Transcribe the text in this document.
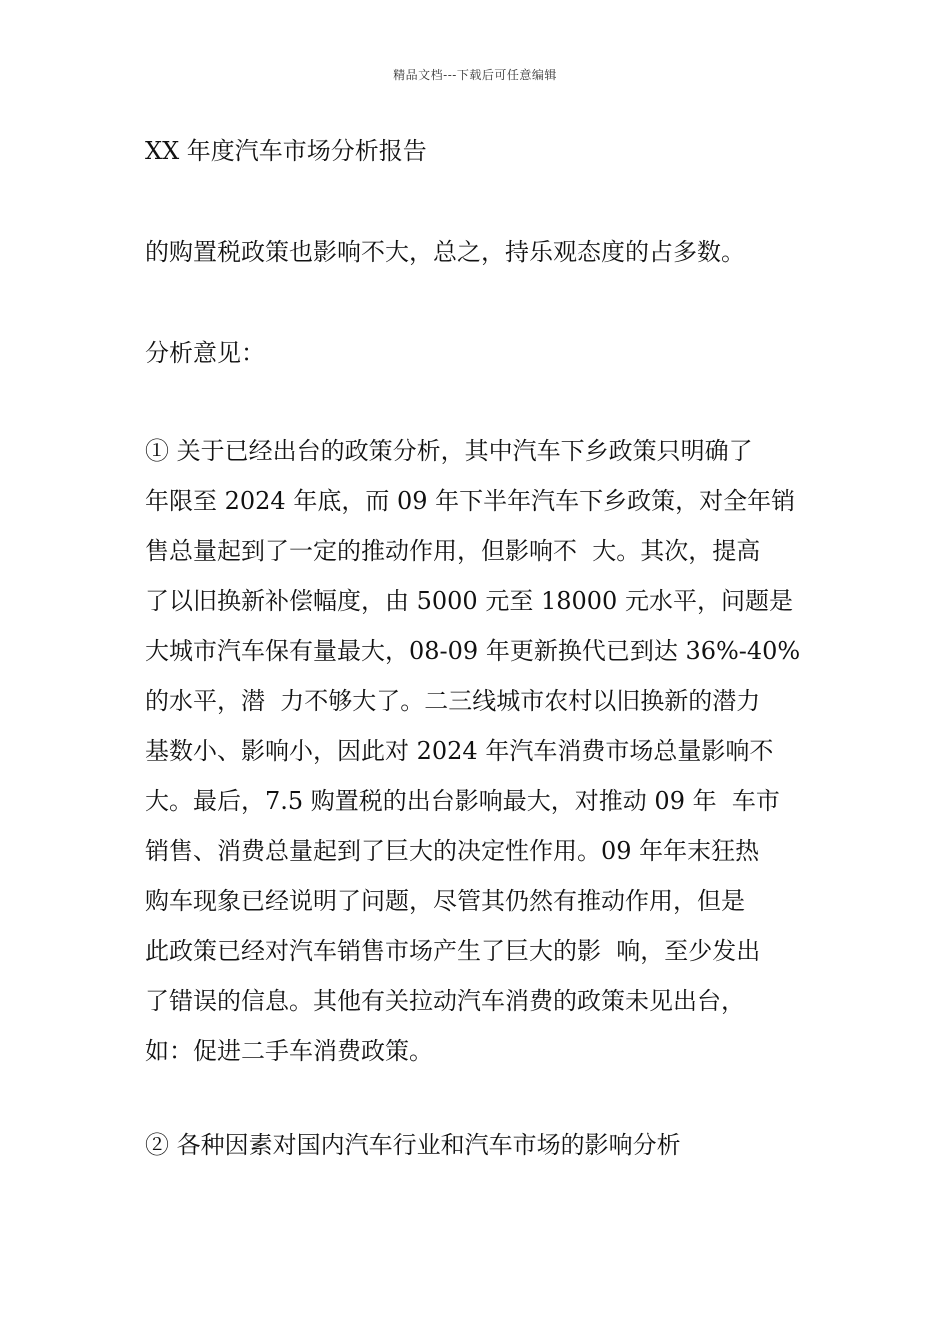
精品文档---下载后可任意编辑
XX 年度汽车市场分析报告
的购置税政策也影响不大，总之，持乐观态度的占多数。
分析意见：
① 关于已经出台的政策分析，其中汽车下乡政策只明确了
年限至 2024 年底，而 09 年下半年汽车下乡政策，对全年销
售总量起到了一定的推动作用，但影响不  大。其次，提高
了以旧换新补偿幅度，由 5000 元至 18000 元水平，问题是
大城市汽车保有量最大，08-09 年更新换代已到达 36%-40%
的水平，潜  力不够大了。二三线城市农村以旧换新的潜力
基数小、影响小，因此对 2024 年汽车消费市场总量影响不
大。最后，7.5 购置税的出台影响最大，对推动 09 年  车市
销售、消费总量起到了巨大的决定性作用。09 年年末狂热
购车现象已经说明了问题，尽管其仍然有推动作用，但是
此政策已经对汽车销售市场产生了巨大的影  响，至少发出
了错误的信息。其他有关拉动汽车消费的政策未见出台，
如：促进二手车消费政策。
② 各种因素对国内汽车行业和汽车市场的影响分析
